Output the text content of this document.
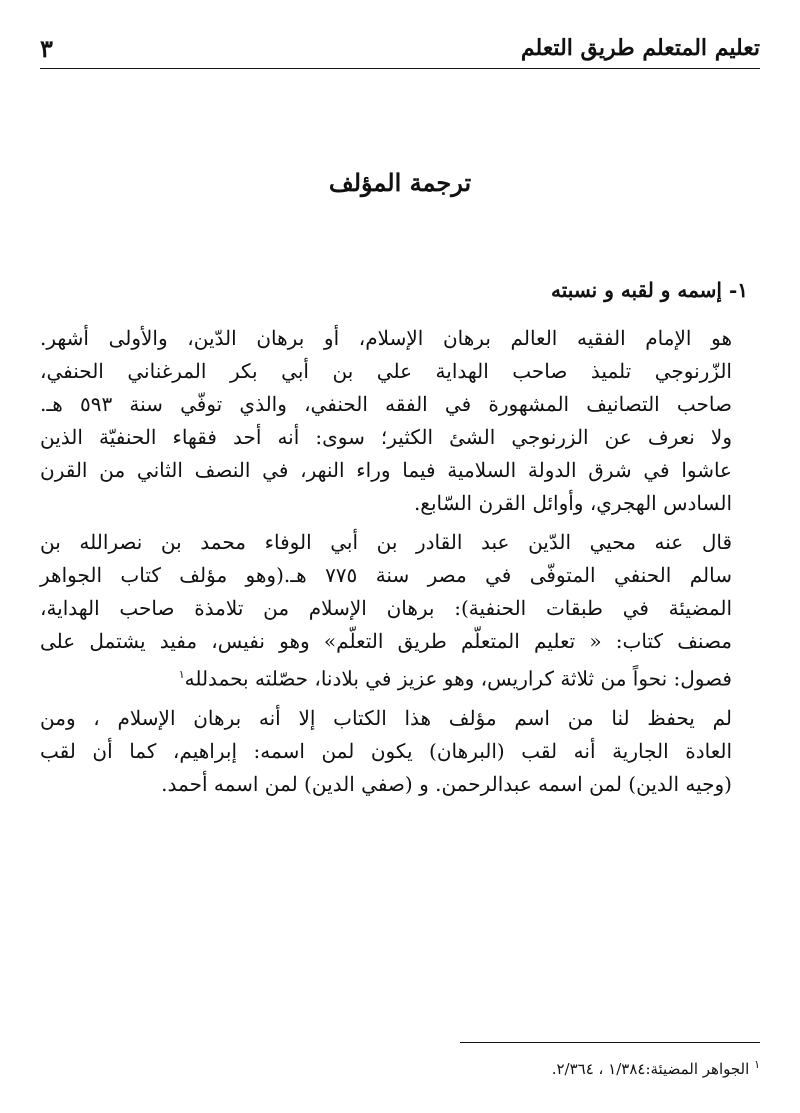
٣	تعليم المتعلم طريق التعلم
ترجمة المؤلف
١- إسمه و لقبه و نسبته

هو الإمام الفقيه العالم برهان الإسلام، أو برهان الدّين، والأولى أشهر.
الزّرنوجي تلميذ صاحب الهداية علي بن أبي بكر المرغناني الحنفي،
صاحب التصانيف المشهورة في الفقه الحنفي، والذي توفّي سنة ٥٩٣ هـ.
ولا نعرف عن الزرنوجي الشئ الكثير؛ سوى: أنه أحد فقهاء الحنفيّة الذين
عاشوا في شرق الدولة السلامية فيما وراء النهر، في النصف الثاني من القرن
السادس الهجري، وأوائل القرن السّابع.

قال عنه محيي الدّين عبد القادر بن أبي الوفاء محمد بن نصرالله بن
سالم الحنفي المتوفّى في مصر سنة ٧٧٥ هـ.(وهو مؤلف كتاب الجواهر
المضيئة في طبقات الحنفية): برهان الإسلام من تلامذة صاحب الهداية،
مصنف كتاب: « تعليم المتعلّم طريق التعلّم» وهو نفيس، مفيد يشتمل على
فصول: نحواً من ثلاثة كراريس، وهو عزيز في بلادنا، حصّلته بحمدلله$^١$

لم يحفظ لنا من اسم مؤلف هذا الكتاب إلا أنه برهان الإسلام ، ومن
العادة الجارية أنه لقب (البرهان) يكون لمن اسمه: إبراهيم، كما أن لقب
(وجيه الدين) لمن اسمه عبدالرحمن. و (صفي الدين) لمن اسمه أحمد.

$^١$ الجواهر المضيئة:١/٣٨٤ ، ٢/٣٦٤.
